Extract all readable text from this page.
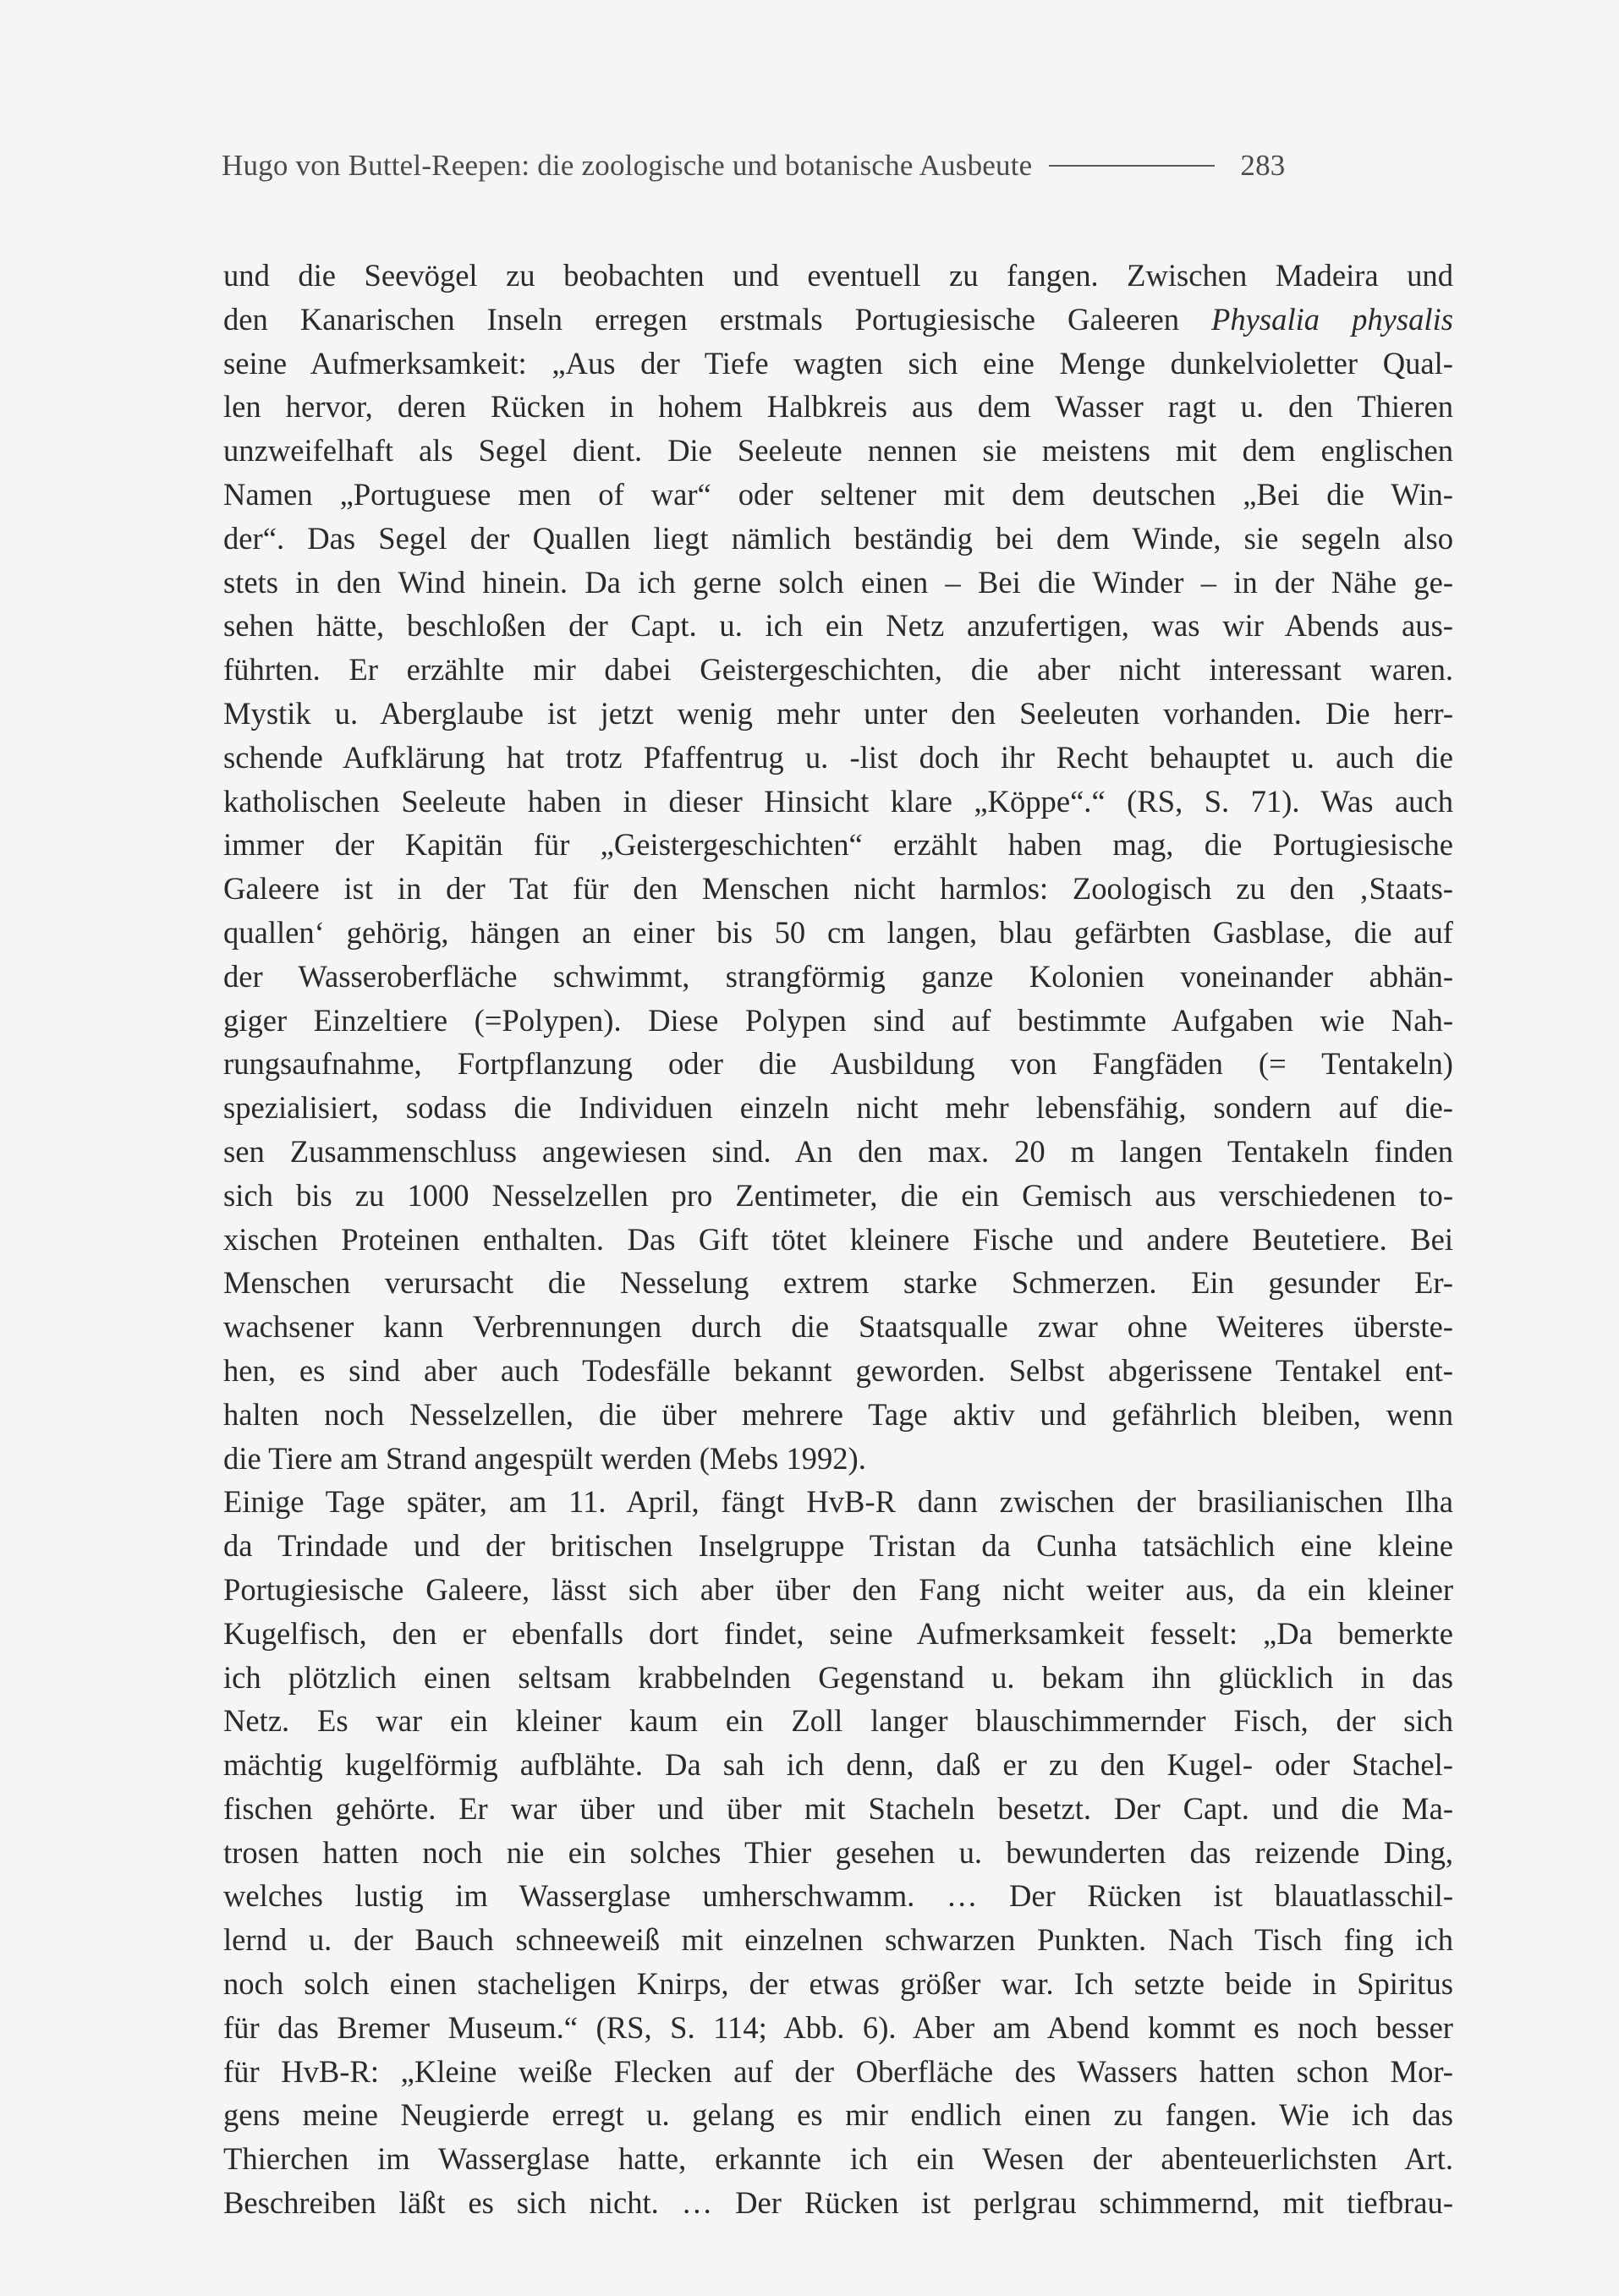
Hugo von Buttel-Reepen: die zoologische und botanische Ausbeute	283
und die Seevögel zu beobachten und eventuell zu fangen. Zwischen Madeira und
den Kanarischen Inseln erregen erstmals Portugiesische Galeeren Physalia physalis
seine Aufmerksamkeit: „Aus der Tiefe wagten sich eine Menge dunkelvioletter Qual-
len hervor, deren Rücken in hohem Halbkreis aus dem Wasser ragt u. den Thieren
unzweifelhaft als Segel dient. Die Seeleute nennen sie meistens mit dem englischen
Namen „Portuguese men of war“ oder seltener mit dem deutschen „Bei die Win-
der“. Das Segel der Quallen liegt nämlich beständig bei dem Winde, sie segeln also
stets in den Wind hinein. Da ich gerne solch einen – Bei die Winder – in der Nähe ge-
sehen hätte, beschloßen der Capt. u. ich ein Netz anzufertigen, was wir Abends aus-
führten. Er erzählte mir dabei Geistergeschichten, die aber nicht interessant waren.
Mystik u. Aberglaube ist jetzt wenig mehr unter den Seeleuten vorhanden. Die herr-
schende Aufklärung hat trotz Pfaffentrug u. -list doch ihr Recht behauptet u. auch die
katholischen Seeleute haben in dieser Hinsicht klare „Köppe“.“ (RS, S. 71). Was auch
immer der Kapitän für „Geistergeschichten“ erzählt haben mag, die Portugiesische
Galeere ist in der Tat für den Menschen nicht harmlos: Zoologisch zu den ‚Staats-
quallen‘ gehörig, hängen an einer bis 50 cm langen, blau gefärbten Gasblase, die auf
der Wasseroberfläche schwimmt, strangförmig ganze Kolonien voneinander abhän-
giger Einzeltiere (=Polypen). Diese Polypen sind auf bestimmte Aufgaben wie Nah-
rungsaufnahme, Fortpflanzung oder die Ausbildung von Fangfäden (= Tentakeln)
spezialisiert, sodass die Individuen einzeln nicht mehr lebensfähig, sondern auf die-
sen Zusammenschluss angewiesen sind. An den max. 20 m langen Tentakeln finden
sich bis zu 1000 Nesselzellen pro Zentimeter, die ein Gemisch aus verschiedenen to-
xischen Proteinen enthalten. Das Gift tötet kleinere Fische und andere Beutetiere. Bei
Menschen verursacht die Nesselung extrem starke Schmerzen. Ein gesunder Er-
wachsener kann Verbrennungen durch die Staatsqualle zwar ohne Weiteres überste-
hen, es sind aber auch Todesfälle bekannt geworden. Selbst abgerissene Tentakel ent-
halten noch Nesselzellen, die über mehrere Tage aktiv und gefährlich bleiben, wenn
die Tiere am Strand angespült werden (Mebs 1992).
Einige Tage später, am 11. April, fängt HvB-R dann zwischen der brasilianischen Ilha
da Trindade und der britischen Inselgruppe Tristan da Cunha tatsächlich eine kleine
Portugiesische Galeere, lässt sich aber über den Fang nicht weiter aus, da ein kleiner
Kugelfisch, den er ebenfalls dort findet, seine Aufmerksamkeit fesselt: „Da bemerkte
ich plötzlich einen seltsam krabbelnden Gegenstand u. bekam ihn glücklich in das
Netz. Es war ein kleiner kaum ein Zoll langer blauschimmernder Fisch, der sich
mächtig kugelförmig aufblähte. Da sah ich denn, daß er zu den Kugel- oder Stachel-
fischen gehörte. Er war über und über mit Stacheln besetzt. Der Capt. und die Ma-
trosen hatten noch nie ein solches Thier gesehen u. bewunderten das reizende Ding,
welches lustig im Wasserglase umherschwamm. … Der Rücken ist blauatlasschil-
lernd u. der Bauch schneeweiß mit einzelnen schwarzen Punkten. Nach Tisch fing ich
noch solch einen stacheligen Knirps, der etwas größer war. Ich setzte beide in Spiritus
für das Bremer Museum.“ (RS, S. 114; Abb. 6). Aber am Abend kommt es noch besser
für HvB-R: „Kleine weiße Flecken auf der Oberfläche des Wassers hatten schon Mor-
gens meine Neugierde erregt u. gelang es mir endlich einen zu fangen. Wie ich das
Thierchen im Wasserglase hatte, erkannte ich ein Wesen der abenteuerlichsten Art.
Beschreiben läßt es sich nicht. … Der Rücken ist perlgrau schimmernd, mit tiefbrau-
